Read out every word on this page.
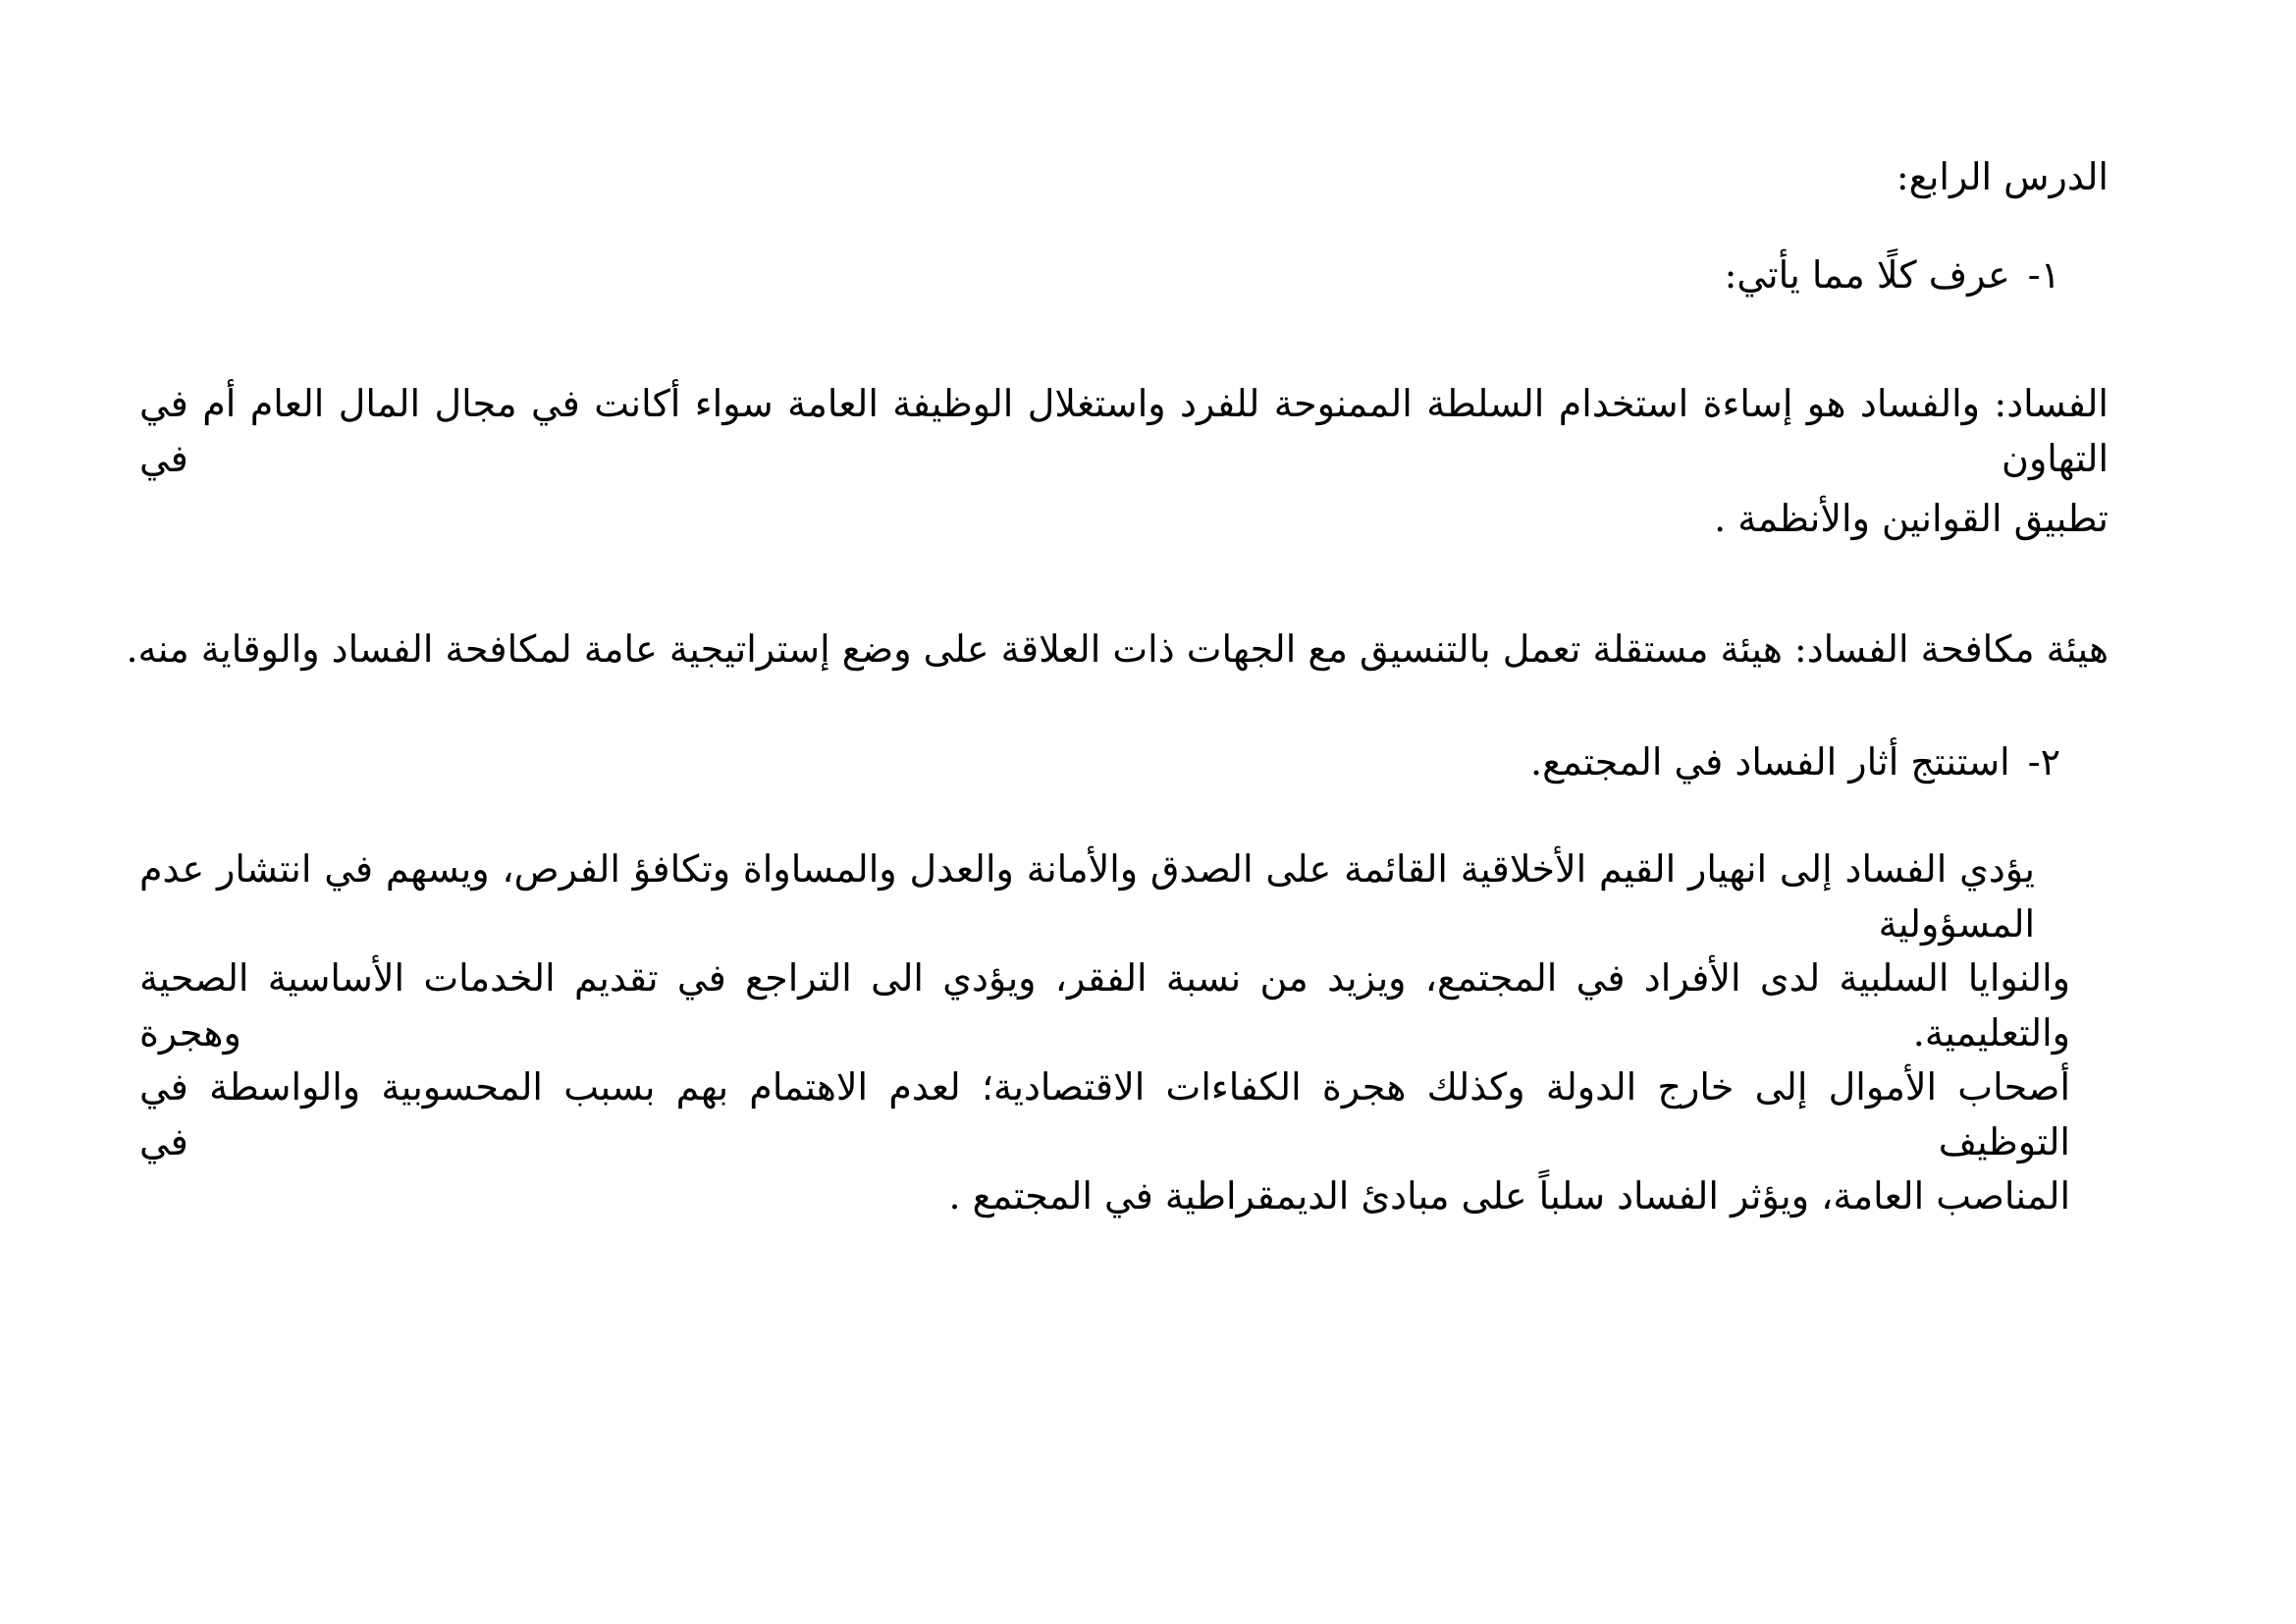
الدرس الرابع:

١-عرف كلًا مما يأتي:

الفساد: والفساد هو إساءة استخدام السلطة الممنوحة للفرد واستغلال الوظيفة العامة سواء أكانت في مجال المال العام أم في التهاون في

تطبيق القوانين والأنظمة .

هيئة مكافحة الفساد: هيئة مستقلة تعمل بالتنسيق مع الجهات ذات العلاقة على وضع إستراتيجية عامة لمكافحة الفساد والوقاية منه.

٢-استنتج أثار الفساد في المجتمع.

يؤدي الفساد إلى انهيار القيم الأخلاقية القائمة على الصدق والأمانة والعدل والمساواة وتكافؤ الفرص، ويسهم في انتشار عدم المسؤولية

والنوايا السلبية لدى الأفراد في المجتمع، ويزيد من نسبة الفقر، ويؤدي الى التراجع في تقديم الخدمات الأساسية الصحية والتعليمية. وهجرة

أصحاب الأموال إلى خارج الدولة وكذلك هجرة الكفاءات الاقتصادية؛ لعدم الاهتمام بهم بسبب المحسوبية والواسطة في التوظيف في

المناصب العامة، ويؤثر الفساد سلباً على مبادئ الديمقراطية في المجتمع .
